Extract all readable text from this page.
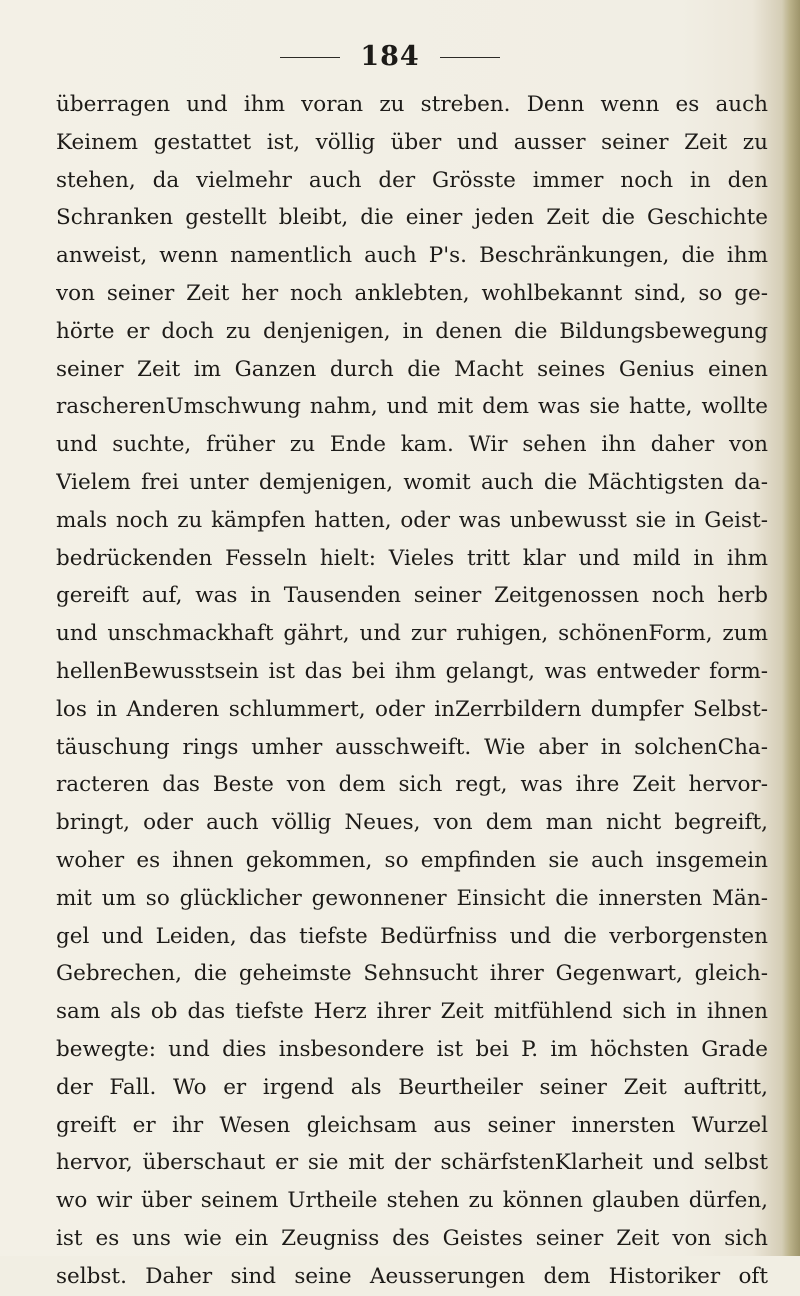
184
überragen und ihm voran zu streben. Denn wenn es auch
Keinem gestattet ist, völlig über und ausser seiner Zeit zu
stehen, da vielmehr auch der Grösste immer noch in den
Schranken gestellt bleibt, die einer jeden Zeit die Geschichte
anweist, wenn namentlich auch P's. Beschränkungen, die ihm
von seiner Zeit her noch anklebten, wohlbekannt sind, so ge-
hörte er doch zu denjenigen, in denen die Bildungsbewegung
seiner Zeit im Ganzen durch die Macht seines Genius einen
rascherenUmschwung nahm, und mit dem was sie hatte, wollte
und suchte, früher zu Ende kam. Wir sehen ihn daher von
Vielem frei unter demjenigen, womit auch die Mächtigsten da-
mals noch zu kämpfen hatten, oder was unbewusst sie in Geist-
bedrückenden Fesseln hielt: Vieles tritt klar und mild in ihm
gereift auf, was in Tausenden seiner Zeitgenossen noch herb
und unschmackhaft gährt, und zur ruhigen, schönenForm, zum
hellenBewusstsein ist das bei ihm gelangt, was entweder form-
los in Anderen schlummert, oder inZerrbildern dumpfer Selbst-
täuschung rings umher ausschweift. Wie aber in solchenCha-
racteren das Beste von dem sich regt, was ihre Zeit hervor-
bringt, oder auch völlig Neues, von dem man nicht begreift,
woher es ihnen gekommen, so empfinden sie auch insgemein
mit um so glücklicher gewonnener Einsicht die innersten Män-
gel und Leiden, das tiefste Bedürfniss und die verborgensten
Gebrechen, die geheimste Sehnsucht ihrer Gegenwart, gleich-
sam als ob das tiefste Herz ihrer Zeit mitfühlend sich in ihnen
bewegte: und dies insbesondere ist bei P. im höchsten Grade
der Fall. Wo er irgend als Beurtheiler seiner Zeit auftritt,
greift er ihr Wesen gleichsam aus seiner innersten Wurzel
hervor, überschaut er sie mit der schärfstenKlarheit und selbst
wo wir über seinem Urtheile stehen zu können glauben dürfen,
ist es uns wie ein Zeugniss des Geistes seiner Zeit von sich
selbst. Daher sind seine Aeusserungen dem Historiker oft
